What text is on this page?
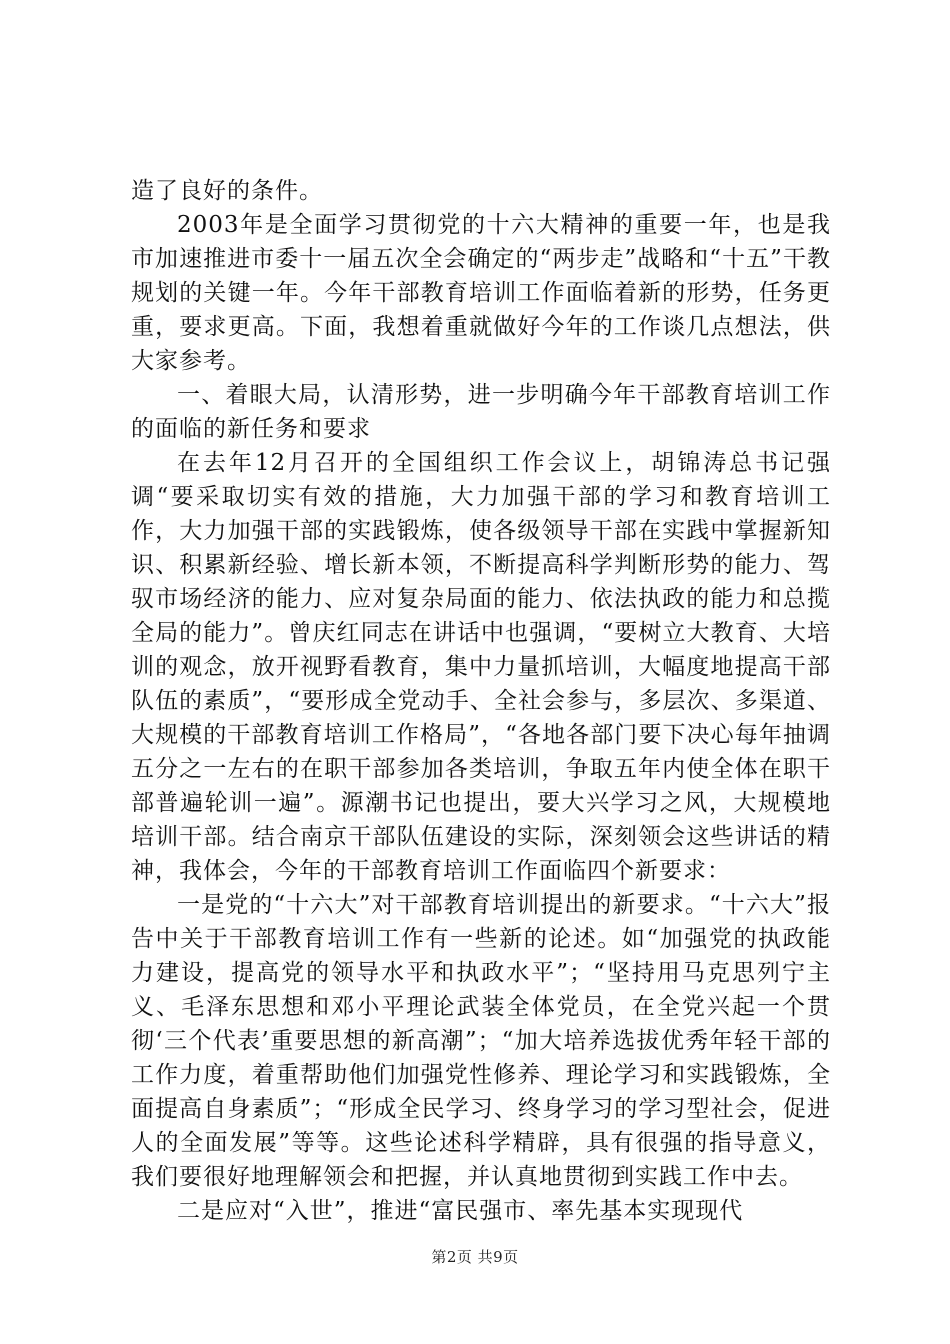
造了良好的条件。

2003年是全面学习贯彻党的十六大精神的重要一年，也是我市加速推进市委十一届五次全会确定的“两步走”战略和“十五”干教规划的关键一年。今年干部教育培训工作面临着新的形势，任务更重，要求更高。下面，我想着重就做好今年的工作谈几点想法，供大家参考。

一、着眼大局，认清形势，进一步明确今年干部教育培训工作的面临的新任务和要求

在去年12月召开的全国组织工作会议上，胡锦涛总书记强调“要采取切实有效的措施，大力加强干部的学习和教育培训工作，大力加强干部的实践锻炼，使各级领导干部在实践中掌握新知识、积累新经验、增长新本领，不断提高科学判断形势的能力、驾驭市场经济的能力、应对复杂局面的能力、依法执政的能力和总揽全局的能力”。曾庆红同志在讲话中也强调，“要树立大教育、大培训的观念，放开视野看教育，集中力量抓培训，大幅度地提高干部队伍的素质”，“要形成全党动手、全社会参与，多层次、多渠道、大规模的干部教育培训工作格局”，“各地各部门要下决心每年抽调五分之一左右的在职干部参加各类培训，争取五年内使全体在职干部普遍轮训一遍”。源潮书记也提出，要大兴学习之风，大规模地培训干部。结合南京干部队伍建设的实际，深刻领会这些讲话的精神，我体会，今年的干部教育培训工作面临四个新要求：

一是党的“十六大”对干部教育培训提出的新要求。“十六大”报告中关于干部教育培训工作有一些新的论述。如“加强党的执政能力建设，提高党的领导水平和执政水平”；“坚持用马克思列宁主义、毛泽东思想和邓小平理论武装全体党员，在全党兴起一个贯彻‘三个代表’重要思想的新高潮”；“加大培养选拔优秀年轻干部的工作力度，着重帮助他们加强党性修养、理论学习和实践锻炼，全面提高自身素质”；“形成全民学习、终身学习的学习型社会，促进人的全面发展”等等。这些论述科学精辟，具有很强的指导意义，我们要很好地理解领会和把握，并认真地贯彻到实践工作中去。

二是应对“入世”，推进“富民强市、率先基本实现现代

第2页 共9页
